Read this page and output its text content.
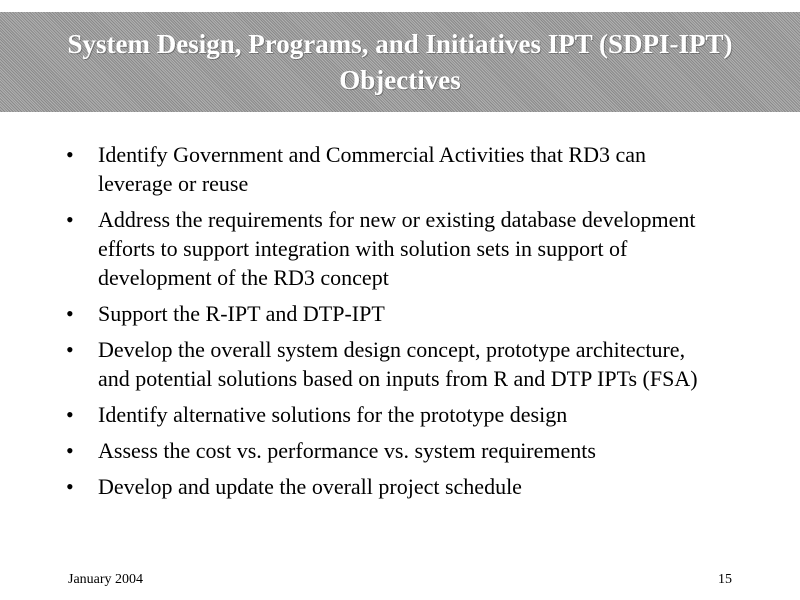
System Design, Programs, and Initiatives IPT (SDPI-IPT)
Objectives
•	Identify Government and Commercial Activities that RD3 can leverage or reuse
•	Address the requirements for new or existing database development efforts to support integration with solution sets in support of development of the RD3 concept
•	Support the R-IPT and DTP-IPT
•	Develop the overall system design concept, prototype architecture, and potential solutions based on inputs from R and DTP IPTs (FSA)
•	Identify alternative solutions for the prototype design
•	Assess the cost vs. performance vs. system requirements
•	Develop and update the overall project schedule
January 2004	15
